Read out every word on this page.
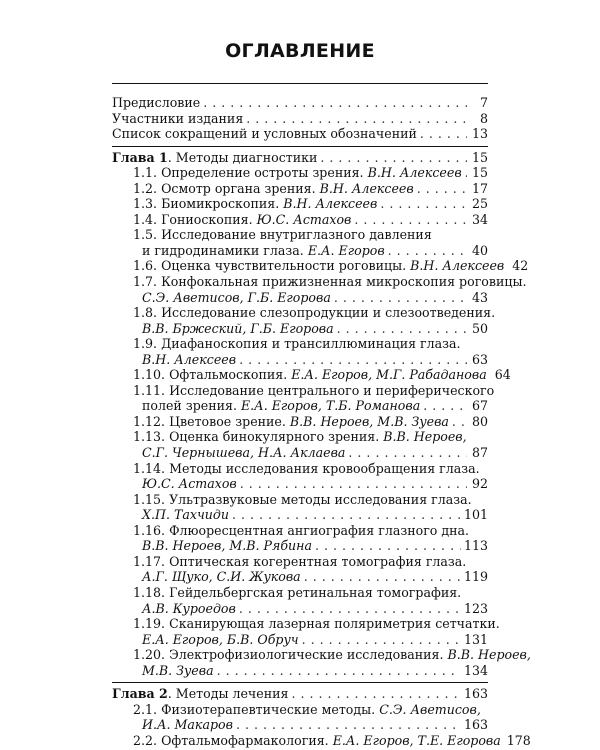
ОГЛАВЛЕНИЕ
Предисловие . . .	7
Участники издания . . .	8
Список сокращений и условных обозначений . . .	13
Глава 1. Методы диагностики . . .	15
1.1. Определение остроты зрения. В.Н. Алексеев . . . 15
1.2. Осмотр органа зрения. В.Н. Алексеев . . .	17
1.3. Биомикроскопия. В.Н. Алексеев . . .	25
1.4. Гониоскопия. Ю.С. Астахов . . .	34
1.5. Исследование внутриглазного давления
и гидродинамики глаза. Е.А. Егоров . . .	40
1.6. Оценка чувствительности роговицы. В.Н. Алексеев 42
1.7. Конфокальная прижизненная микроскопия роговицы.
С.Э. Аветисов, Г.Б. Егорова . . .	43
1.8. Исследование слезопродукции и слезоотведения.
В.В. Бржеский, Г.Б. Егорова . . .	50
1.9. Диафаноскопия и трансиллюминация глаза.
В.Н. Алексеев . . .	63
1.10. Офтальмоскопия. Е.А. Егоров, М.Г. Рабаданова 64
1.11. Исследование центрального и периферического
полей зрения. Е.А. Егоров, Т.Б. Романова . . .	67
1.12. Цветовое зрение. В.В. Нероев, М.В. Зуева . . . 80
1.13. Оценка бинокулярного зрения. В.В. Нероев,
С.Г. Чернышева, Н.А. Аклаева . . .	87
1.14. Методы исследования кровообращения глаза.
Ю.С. Астахов . . .	92
1.15. Ультразвуковые методы исследования глаза.
Х.П. Тахчиди . . .	101
1.16. Флюоресцентная ангиография глазного дна.
В.В. Нероев, М.В. Рябина . . .	113
1.17. Оптическая когерентная томография глаза.
А.Г. Щуко, С.И. Жукова . . .	119
1.18. Гейдельбергская ретинальная томография.
А.В. Куроедов . . .	123
1.19. Сканирующая лазерная поляриметрия сетчатки.
Е.А. Егоров, Б.В. Обруч . . .	131
1.20. Электрофизиологические исследования. В.В. Нероев,
М.В. Зуева . . .	134
Глава 2. Методы лечения . . .	163
2.1. Физиотерапевтические методы. С.Э. Аветисов,
И.А. Макаров . . .	163
2.2. Офтальмофармакология. Е.А. Егоров, Т.Е. Егорова 178
